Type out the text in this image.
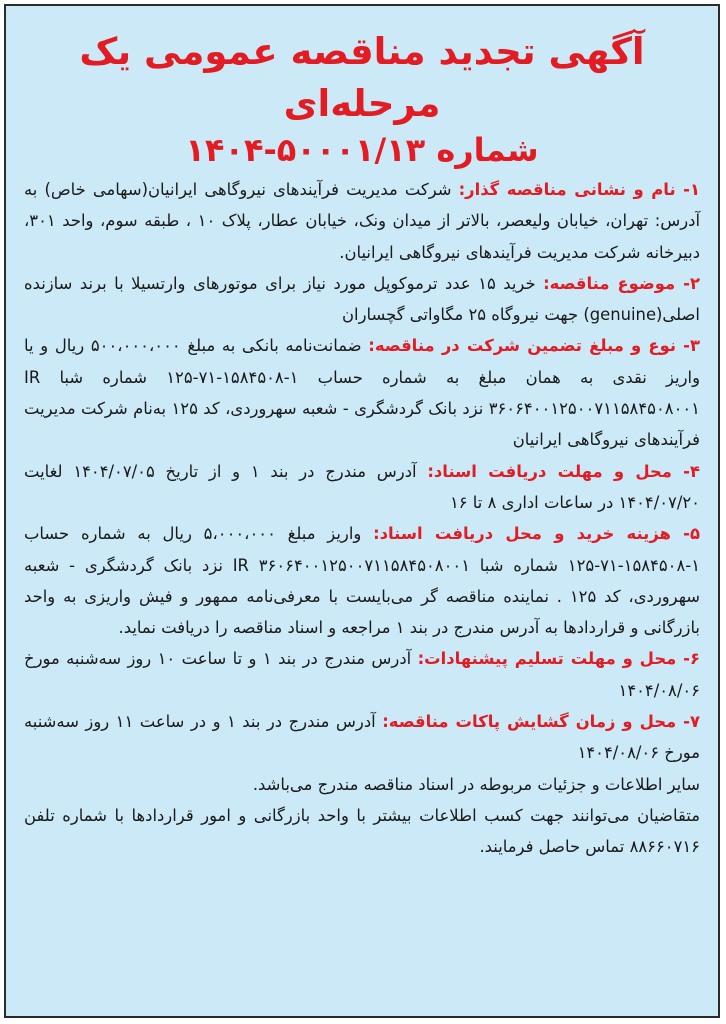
آگهی تجدید مناقصه عمومی یک مرحله‌ای

شماره ۱۴۰۴-۵۰۰۰۱/۱۳

۱- نام و نشانی مناقصه گذار: شرکت مدیریت فرآیندهای نیروگاهی ایرانیان(سهامی خاص) به آدرس: تهران، خیابان ولیعصر، بالاتر از میدان ونک، خیابان عطار، پلاک ۱۰ ، طبقه سوم، واحد ۳۰۱، دبیرخانه شرکت مدیریت فرآیندهای نیروگاهی ایرانیان.

۲- موضوع مناقصه: خرید ۱۵ عدد ترموکوپل مورد نیاز برای موتورهای وارتسیلا با برند سازنده اصلی(genuine) جهت نیروگاه ۲۵ مگاواتی گچساران

۳- نوع و مبلغ تضمین شرکت در مناقصه: ضمانت‌نامه بانکی به مبلغ ۵۰۰،۰۰۰،۰۰۰ ریال و یا واریز نقدی به همان مبلغ به شماره حساب ۱-۱۵۸۴۵۰۸-۷۱-۱۲۵ شماره شبا IR ۳۶۰۶۴۰۰۱۲۵۰۰۷۱۱۵۸۴۵۰۸۰۰۱ نزد بانک گردشگری - شعبه سهروردی، کد ۱۲۵ به‌نام شرکت مدیریت فرآیندهای نیروگاهی ایرانیان

۴- محل و مهلت دریافت اسناد: آدرس مندرج در بند ۱ و از تاریخ ۱۴۰۴/۰۷/۰۵ لغایت ۱۴۰۴/۰۷/۲۰ در ساعات اداری ۸ تا ۱۶

۵- هزینه خرید و محل دریافت اسناد: واریز مبلغ ۵،۰۰۰،۰۰۰ ریال به شماره حساب ۱-۱۵۸۴۵۰۸-۷۱-۱۲۵ شماره شبا IR ۳۶۰۶۴۰۰۱۲۵۰۰۷۱۱۵۸۴۵۰۸۰۰۱ نزد بانک گردشگری - شعبه سهروردی، کد ۱۲۵ . نماینده مناقصه گر می‌بایست با معرفی‌نامه ممهور و فیش واریزی به واحد بازرگانی و قراردادها به آدرس مندرج در بند ۱ مراجعه و اسناد مناقصه را دریافت نماید.

۶- محل و مهلت تسلیم پیشنهادات: آدرس مندرج در بند ۱ و تا ساعت ۱۰ روز سه‌شنبه مورخ ۱۴۰۴/۰۸/۰۶

۷- محل و زمان گشایش پاکات مناقصه: آدرس مندرج در بند ۱ و در ساعت ۱۱ روز سه‌شنبه مورخ ۱۴۰۴/۰۸/۰۶

سایر اطلاعات و جزئیات مربوطه در اسناد مناقصه مندرج می‌باشد.

متقاضیان می‌توانند جهت کسب اطلاعات بیشتر با واحد بازرگانی و امور قراردادها با شماره تلفن ۸۸۶۶۰۷۱۶ تماس حاصل فرمایند.
